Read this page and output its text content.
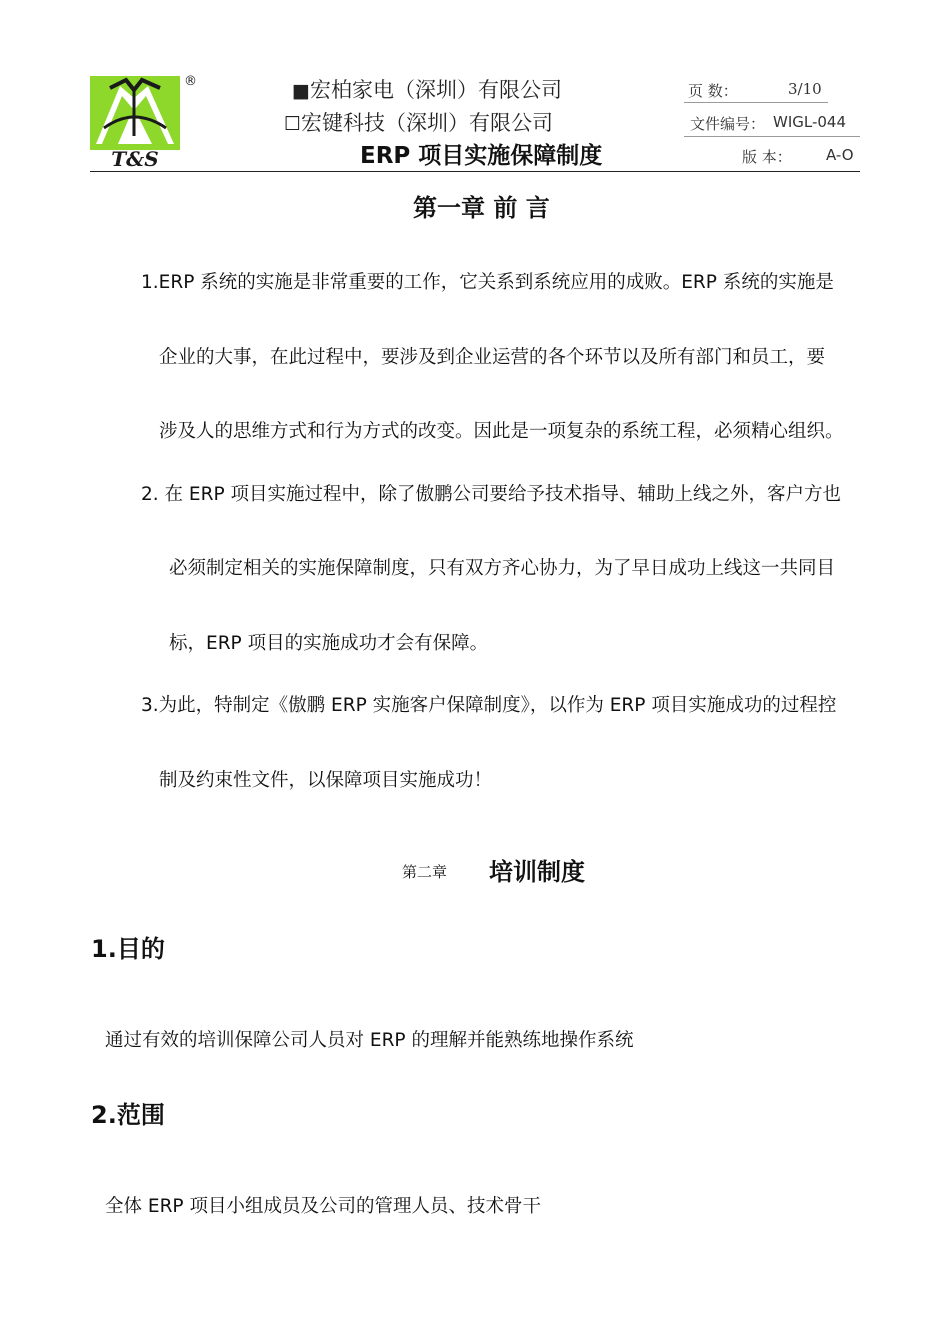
T&S
®	■宏柏家电（深圳）有限公司
☐宏键科技（深圳）有限公司
ERP 项目实施保障制度
页 数：	3/10
文件编号： WIGL-044
版 本： A-O
第一章 前 言
1.ERP 系统的实施是非常重要的工作，它关系到系统应用的成败。ERP 系统的实施是
企业的大事，在此过程中，要涉及到企业运营的各个环节以及所有部门和员工，要
涉及人的思维方式和行为方式的改变。因此是一项复杂的系统工程，必须精心组织。
2. 在 ERP 项目实施过程中，除了傲鹏公司要给予技术指导、辅助上线之外，客户方也
必须制定相关的实施保障制度，只有双方齐心协力，为了早日成功上线这一共同目
标，ERP 项目的实施成功才会有保障。
3.为此，特制定《傲鹏 ERP 实施客户保障制度》，以作为 ERP 项目实施成功的过程控
制及约束性文件，以保障项目实施成功！
第二章 培训制度
1.目的
通过有效的培训保障公司人员对 ERP 的理解并能熟练地操作系统
2.范围
全体 ERP 项目小组成员及公司的管理人员、技术骨干
